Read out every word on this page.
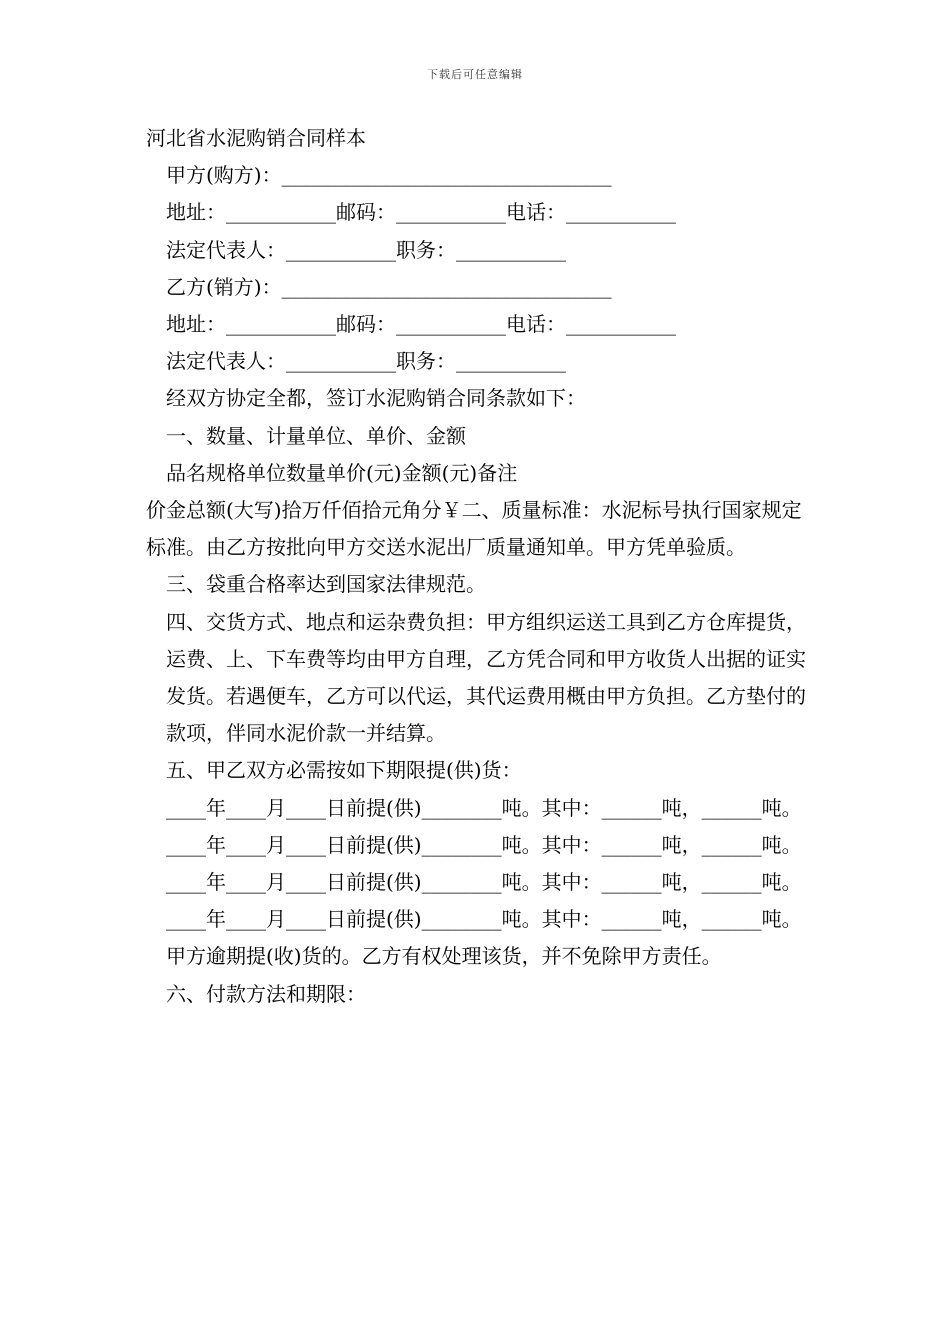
下载后可任意编辑

河北省水泥购销合同样本

甲方(购方)：_________________________________

地址：___________邮码：___________电话：___________

法定代表人：___________职务：___________

乙方(销方)：_________________________________

地址：___________邮码：___________电话：___________

法定代表人：___________职务：___________

经双方协定全都，签订水泥购销合同条款如下：

一、数量、计量单位、单价、金额

品名规格单位数量单价(元)金额(元)备注

价金总额(大写)拾万仟佰拾元角分￥二、质量标准：水泥标号执行国家规定标准。由乙方按批向甲方交送水泥出厂质量通知单。甲方凭单验质。

三、袋重合格率达到国家法律规范。

四、交货方式、地点和运杂费负担：甲方组织运送工具到乙方仓库提货，运费、上、下车费等均由甲方自理，乙方凭合同和甲方收货人出据的证实发货。若遇便车，乙方可以代运，其代运费用概由甲方负担。乙方垫付的款项，伴同水泥价款一并结算。

五、甲乙双方必需按如下期限提(供)货：

____年____月____日前提(供)________吨。其中：______吨，______吨。

____年____月____日前提(供)________吨。其中：______吨，______吨。

____年____月____日前提(供)________吨。其中：______吨，______吨。

____年____月____日前提(供)________吨。其中：______吨，______吨。

甲方逾期提(收)货的。乙方有权处理该货，并不免除甲方责任。

六、付款方法和期限：
